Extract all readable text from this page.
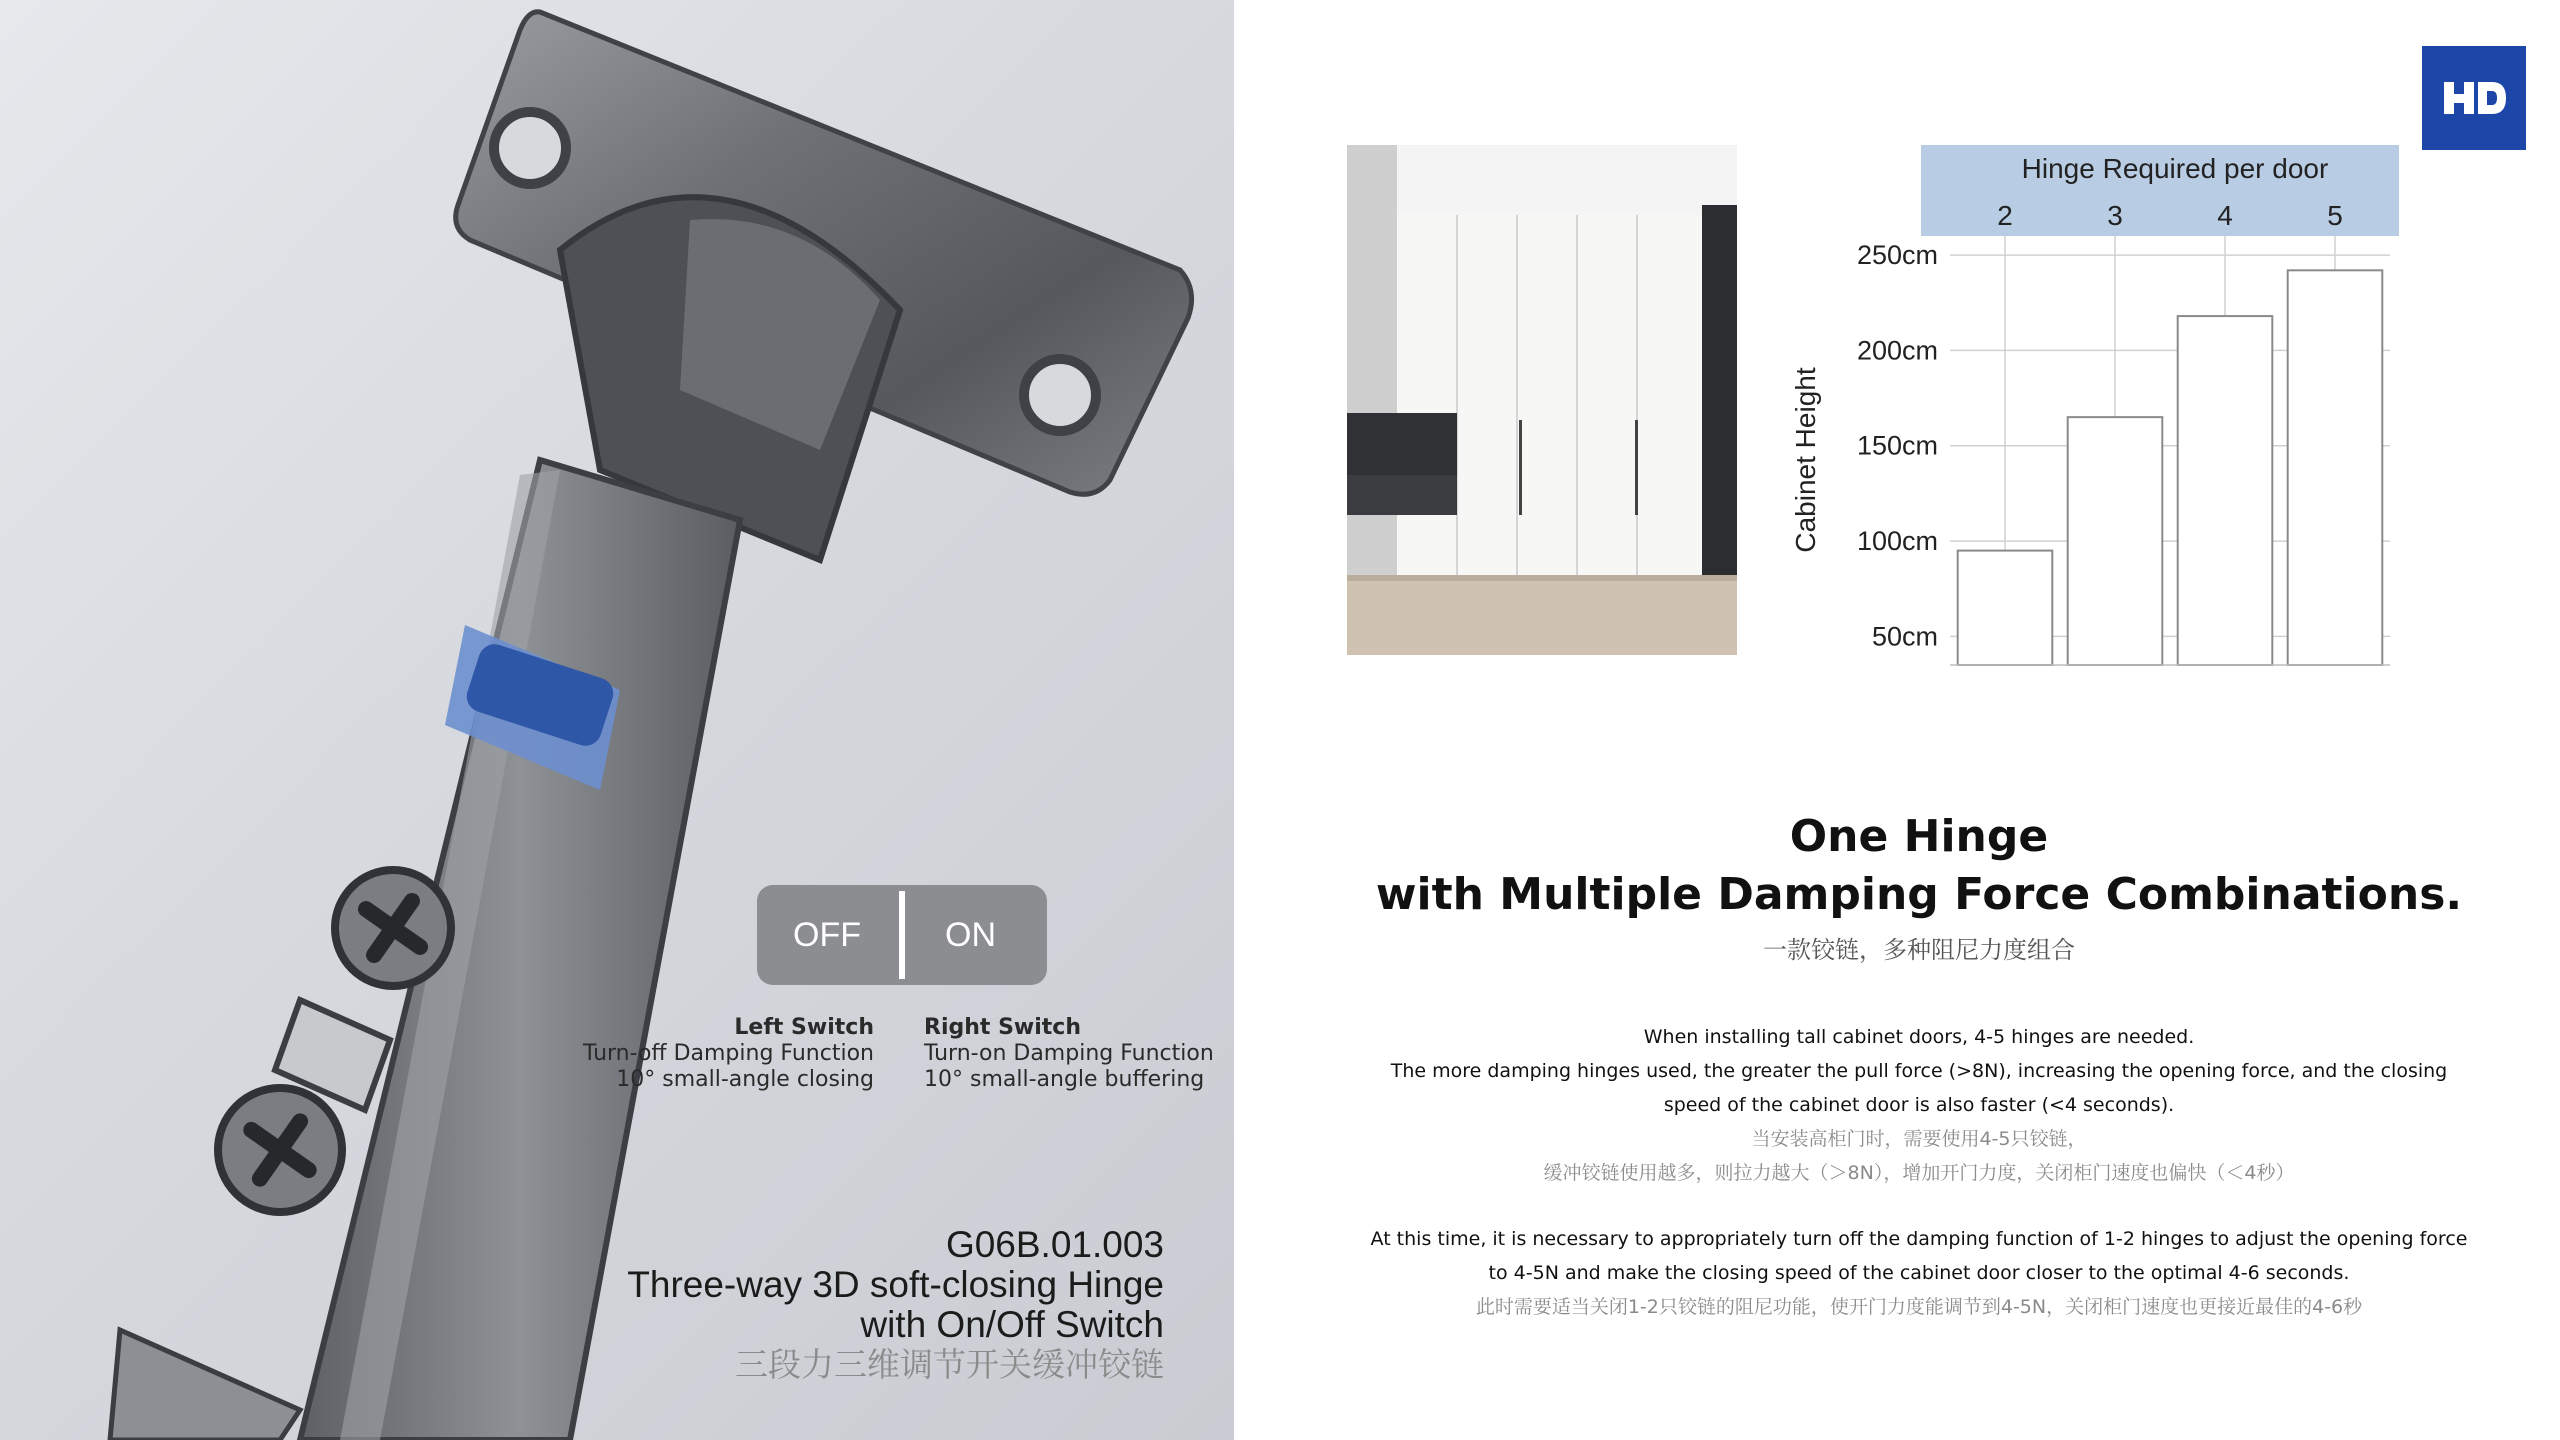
OFF ON
Left Switch
Turn-off Damping Function
10° small-angle closing
Right Switch
Turn-on Damping Function
10° small-angle buffering
G06B.01.003
Three-way 3D soft-closing Hinge
with On/Off Switch
三段力三维调节开关缓冲铰链
Hinge Required per door
Cabinet Height
250cm
200cm
150cm
100cm
50cm
2	3	4	5
One Hinge
with Multiple Damping Force Combinations.
一款铰链，多种阻尼力度组合
When installing tall cabinet doors, 4-5 hinges are needed.
The more damping hinges used, the greater the pull force (>8N), increasing the opening force, and the closing
speed of the cabinet door is also faster (<4 seconds).
当安装高柜门时，需要使用4-5只铰链，
缓冲铰链使用越多，则拉力越大（＞8N），增加开门力度，关闭柜门速度也偏快（＜4秒）
At this time, it is necessary to appropriately turn off the damping function of 1-2 hinges to adjust the opening force
to 4-5N and make the closing speed of the cabinet door closer to the optimal 4-6 seconds.
此时需要适当关闭1-2只铰链的阻尼功能，使开门力度能调节到4-5N，关闭柜门速度也更接近最佳的4-6秒
